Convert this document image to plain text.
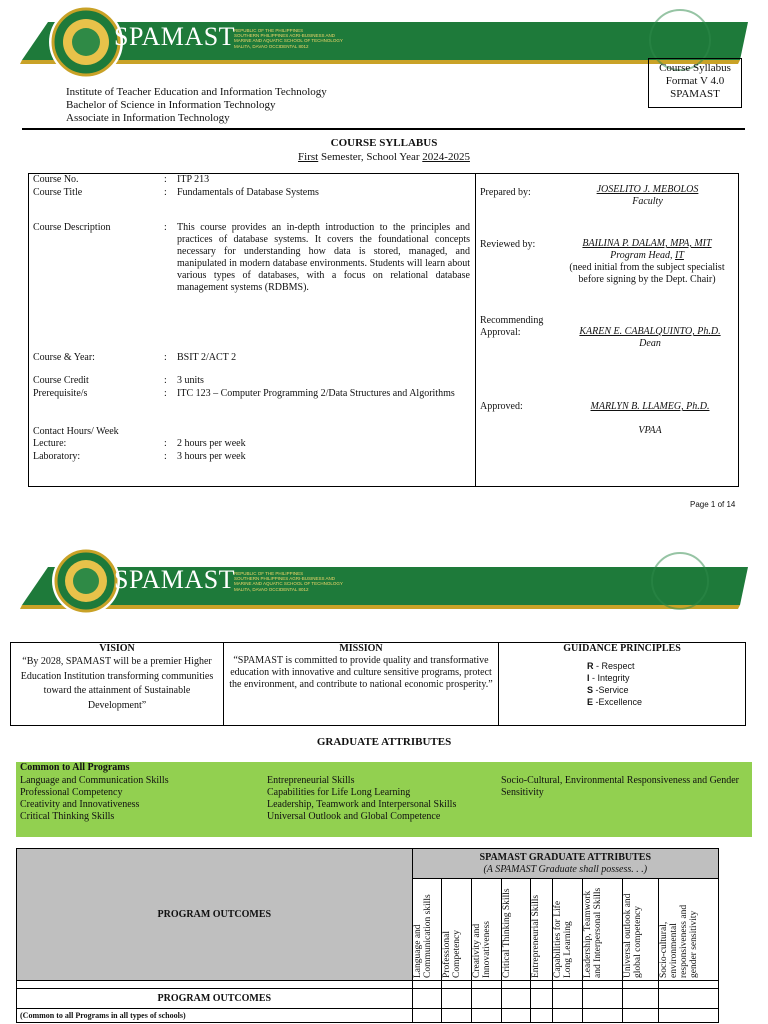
SPAMAST
REPUBLIC OF THE PHILIPPINES
SOUTHERN PHILIPPINES AGRI-BUSINESS AND
MARINE AND AQUATIC SCHOOL OF TECHNOLOGY
MALITA, DAVAO OCCIDENTAL 8012
Course Syllabus
Format V 4.0
SPAMAST
Institute of Teacher Education and Information Technology
Bachelor of Science in Information Technology
Associate in Information Technology
COURSE SYLLABUS
First Semester, School Year 2024-2025
Course No.	: ITP 213
Course Title	: Fundamentals of Database Systems
Course Description	: This course provides an in-depth introduction to the principles and practices of database systems. It covers the foundational concepts necessary for understanding how data is stored, managed, and manipulated in modern database environments. Students will learn about various types of databases, with a focus on relational database management systems (RDBMS).
Course & Year:	: BSIT 2/ACT 2
Course Credit	: 3 units
Prerequisite/s	: ITC 123 – Computer Programming 2/Data Structures and Algorithms
Contact Hours/ Week
Lecture:	: 2 hours per week
Laboratory:	: 3 hours per week
Prepared by:	JOSELITO J. MEBOLOS
Faculty
Reviewed by:	BAILINA P. DALAM, MPA, MIT
Program Head, IT
(need initial from the subject specialist before signing by the Dept. Chair)
Recommending
Approval:	KAREN E. CABALQUINTO, Ph.D.
Dean
Approved:	MARLYN B. LLAMEG, Ph.D.
VPAA
Page 1 of 14
SPAMAST
REPUBLIC OF THE PHILIPPINES
SOUTHERN PHILIPPINES AGRI-BUSINESS AND
MARINE AND AQUATIC SCHOOL OF TECHNOLOGY
MALITA, DAVAO OCCIDENTAL 8012
VISION
“By 2028, SPAMAST will be a premier Higher Education Institution transforming communities toward the attainment of Sustainable Development”
MISSION
“SPAMAST is committed to provide quality and transformative education with innovative and culture sensitive programs, protect the environment, and contribute to national economic prosperity.”
GUIDANCE PRINCIPLES
R - Respect
I - Integrity
S -Service
E -Excellence
GRADUATE ATTRIBUTES
Common to All Programs
Language and Communication Skills
Professional Competency
Creativity and Innovativeness
Critical Thinking Skills
Entrepreneurial Skills
Capabilities for Life Long Learning
Leadership, Teamwork and Interpersonal Skills
Universal Outlook and Global Competence
Socio-Cultural, Environmental Responsiveness and Gender Sensitivity
PROGRAM OUTCOMES	SPAMAST GRADUATE ATTRIBUTES
(A SPAMAST Graduate shall possess. . .)								

	Language and Communication skills	Professional Competency	Creativity and Innovativeness	Critical Thinking Skills	Entrepreneurial Skills	Capabilities for Life Long Learning	Leadership, Teamwork and Interpersonal Skills	Universal outlook and global competency	Socio-cultural, environmental responsiveness and gender sensitivity

PROGRAM OUTCOMES									
(Common to all Programs in all types of schools)									
